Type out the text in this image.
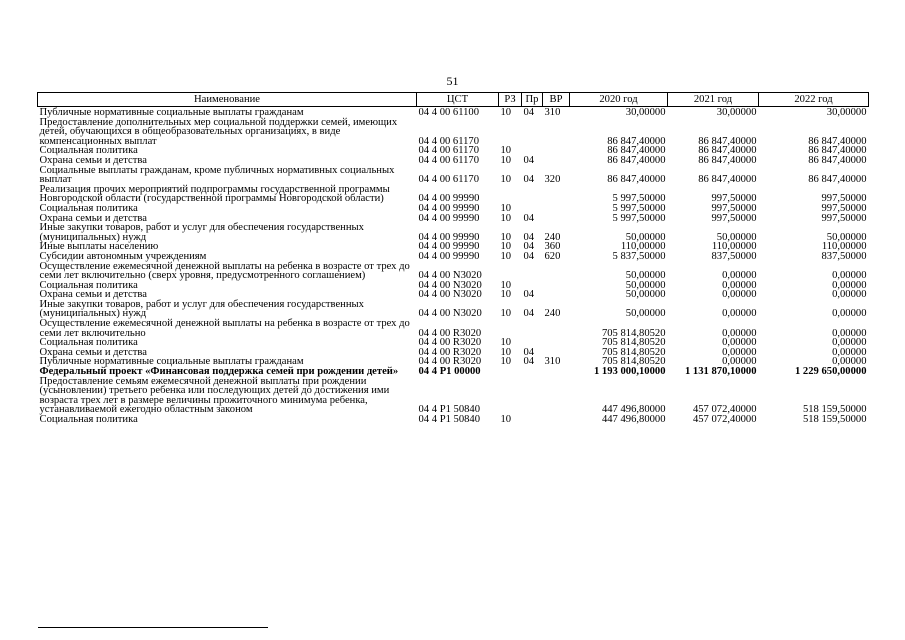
51
Наименование	ЦСТ	РЗ	Пр	ВР	2020 год	2021 год	2022 год
Публичные нормативные социальные выплаты гражданам	04 4 00 61100	10	04	310	30,00000	30,00000	30,00000
Предоставление дополнительных мер социальной поддержки семей, имеющих детей, обучающихся в общеобразовательных организациях, в виде компенсационных выплат	04 4 00 61170				86 847,40000	86 847,40000	86 847,40000
Социальная политика	04 4 00 61170	10			86 847,40000	86 847,40000	86 847,40000
Охрана семьи и детства	04 4 00 61170	10	04		86 847,40000	86 847,40000	86 847,40000
Социальные выплаты гражданам, кроме публичных нормативных социальных выплат	04 4 00 61170	10	04	320	86 847,40000	86 847,40000	86 847,40000
Реализация прочих мероприятий подпрограммы государственной программы Новгородской области (государственной программы Новгородской области)	04 4 00 99990				5 997,50000	997,50000	997,50000
Социальная политика	04 4 00 99990	10			5 997,50000	997,50000	997,50000
Охрана семьи и детства	04 4 00 99990	10	04		5 997,50000	997,50000	997,50000
Иные закупки товаров, работ и услуг для обеспечения государственных (муниципальных) нужд	04 4 00 99990	10	04	240	50,00000	50,00000	50,00000
Иные выплаты населению	04 4 00 99990	10	04	360	110,00000	110,00000	110,00000
Субсидии автономным учреждениям	04 4 00 99990	10	04	620	5 837,50000	837,50000	837,50000
Осуществление ежемесячной денежной выплаты на ребенка в возрасте от трех до семи лет включительно (сверх уровня, предусмотренного соглашением)	04 4 00 N3020				50,00000	0,00000	0,00000
Социальная политика	04 4 00 N3020	10			50,00000	0,00000	0,00000
Охрана семьи и детства	04 4 00 N3020	10	04		50,00000	0,00000	0,00000
Иные закупки товаров, работ и услуг для обеспечения государственных (муниципальных) нужд	04 4 00 N3020	10	04	240	50,00000	0,00000	0,00000
Осуществление ежемесячной денежной выплаты на ребенка в возрасте от трех до семи лет включительно	04 4 00 R3020				705 814,80520	0,00000	0,00000
Социальная политика	04 4 00 R3020	10			705 814,80520	0,00000	0,00000
Охрана семьи и детства	04 4 00 R3020	10	04		705 814,80520	0,00000	0,00000
Публичные нормативные социальные выплаты гражданам	04 4 00 R3020	10	04	310	705 814,80520	0,00000	0,00000
Федеральный проект «Финансовая поддержка семей при рождении детей»	04 4 P1 00000				1 193 000,10000	1 131 870,10000	1 229 650,00000
Предоставление семьям ежемесячной денежной выплаты при рождении (усыновлении) третьего ребенка или последующих детей до достижения ими возраста трех лет в размере величины прожиточного минимума ребенка, устанавливаемой ежегодно областным законом	04 4 P1 50840				447 496,80000	457 072,40000	518 159,50000
Социальная политика	04 4 P1 50840	10			447 496,80000	457 072,40000	518 159,50000
